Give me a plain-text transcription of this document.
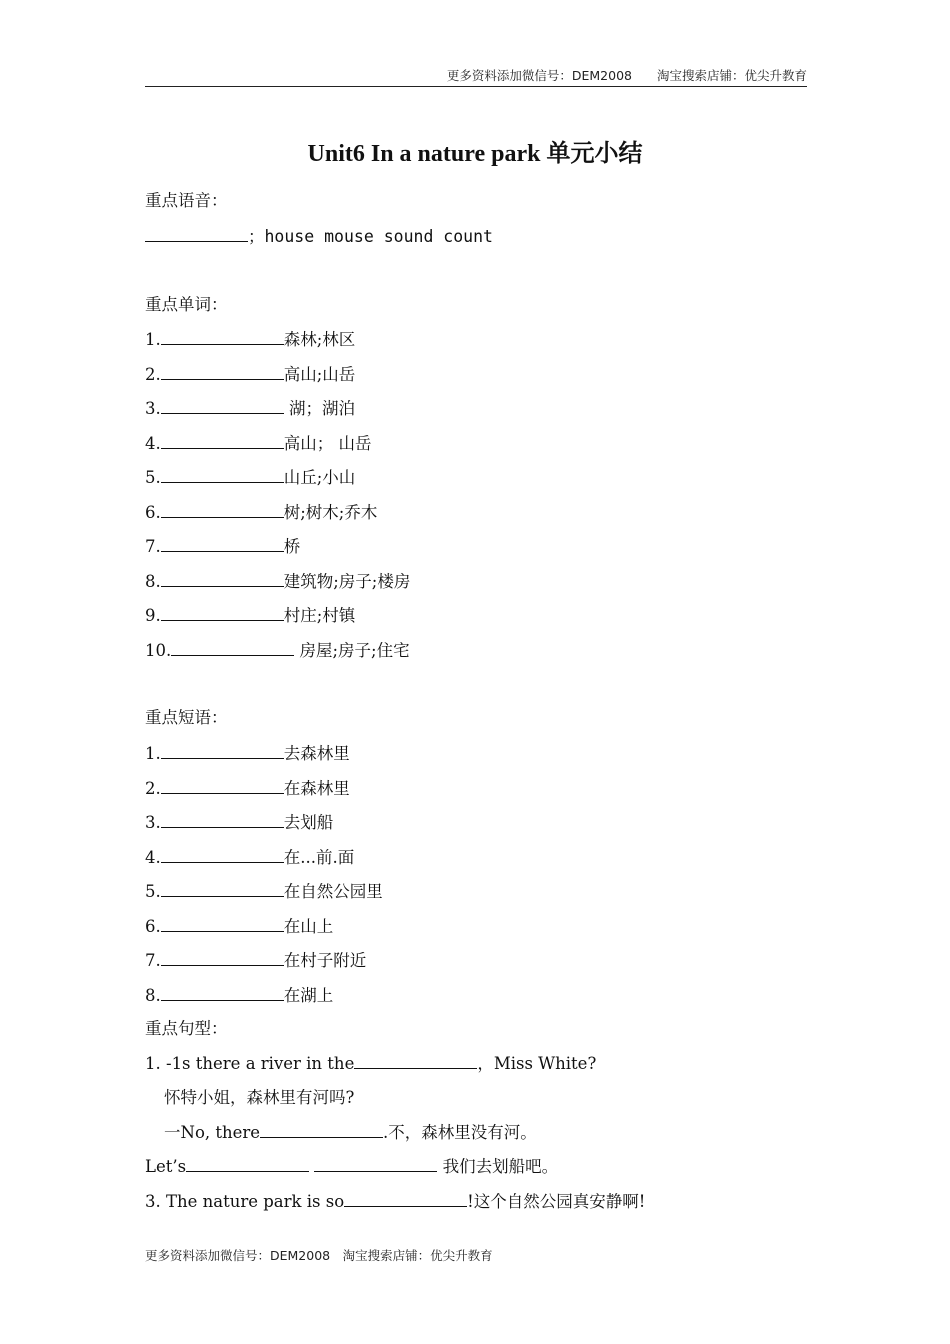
更多资料添加微信号：DEM2008　　淘宝搜索店铺：优尖升教育
Unit6 In a nature park 单元小结
重点语音：
；house mouse sound count
重点单词：
1.	森林;林区
2.	高山;山岳
3.	湖；湖泊
4.	高山； 山岳
5.	山丘;小山
6.	树;树木;乔木
7.	桥
8.	建筑物;房子;楼房
9.	村庄;村镇
10.	房屋;房子;住宅
重点短语：
1.	去森林里
2.	在森林里
3.	去划船
4.	在...前.面
5.	在自然公园里
6.	在山上
7.	在村子附近
8.	在湖上
重点句型：
1. -1s there a river in the	，Miss White?
怀特小姐，森林里有河吗?
一No, there	.不，森林里没有河。
Let’s	我们去划船吧。
3. The nature park is so	!这个自然公园真安静啊!
更多资料添加微信号：DEM2008　淘宝搜索店铺：优尖升教育
